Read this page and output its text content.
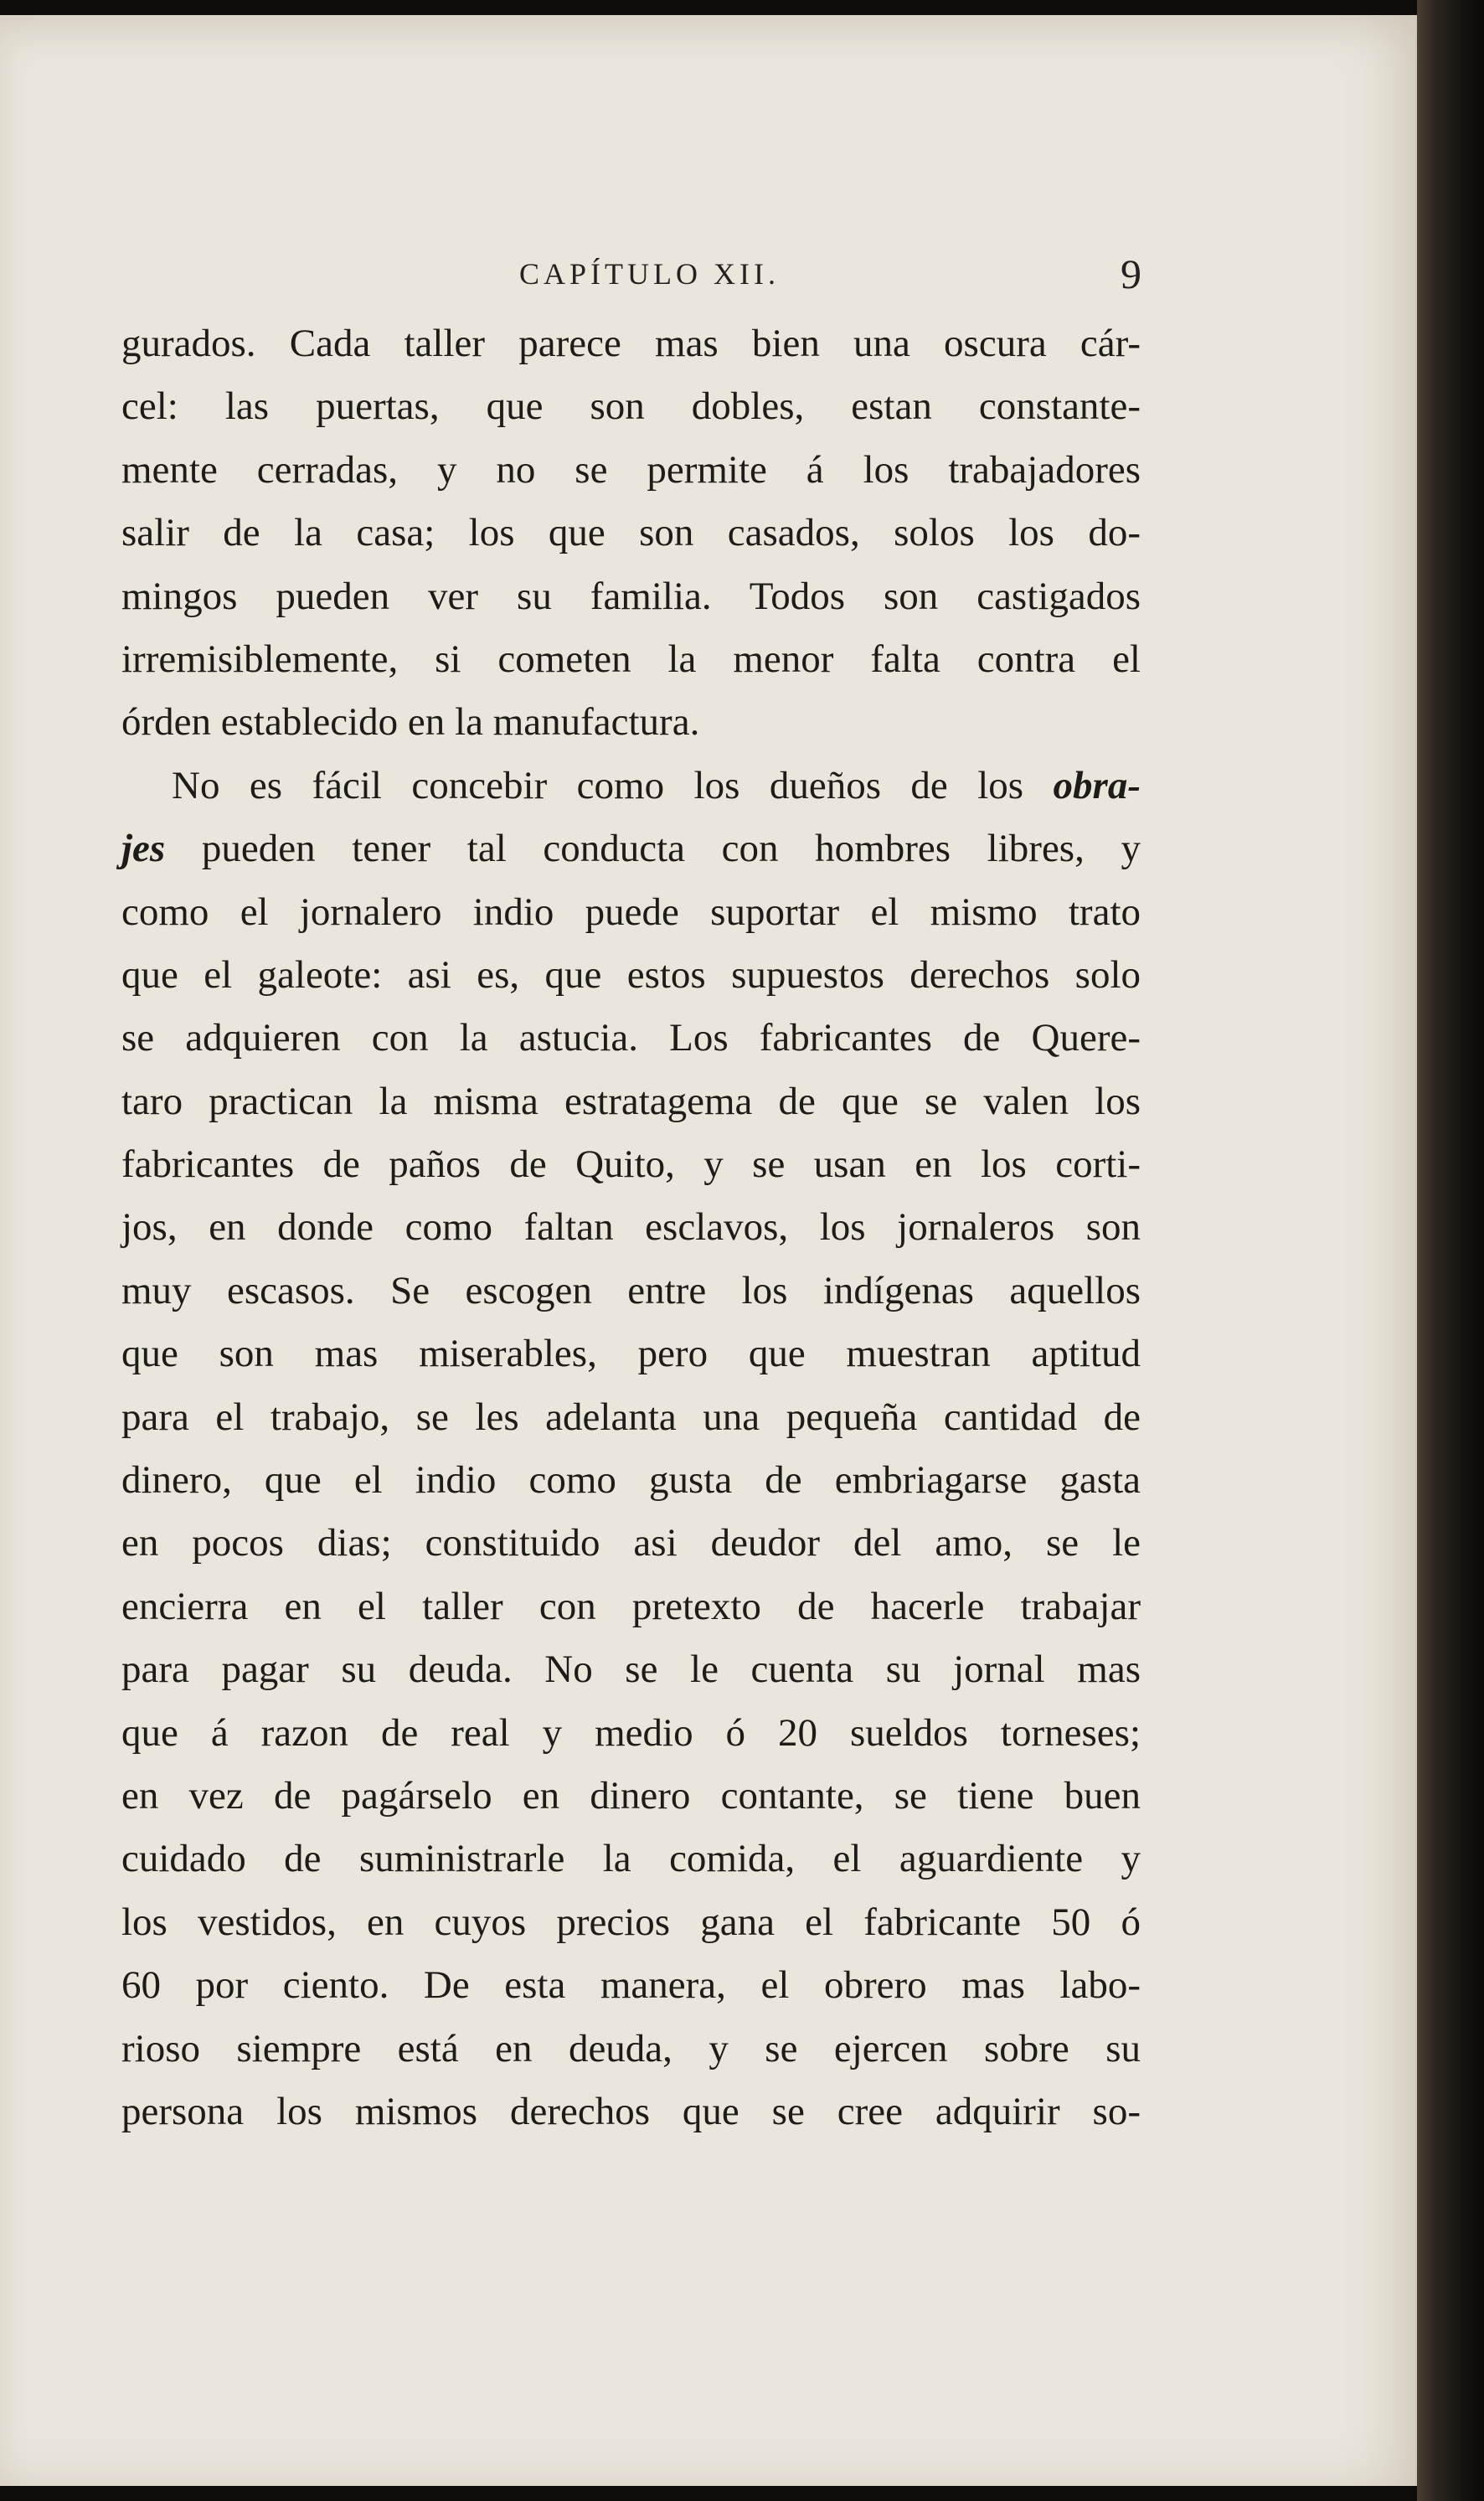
CAPÍTULO XII.	9
gurados. Cada taller parece mas bien una oscura cár-
cel: las puertas, que son dobles, estan constante-
mente cerradas, y no se permite á los trabajadores
salir de la casa; los que son casados, solos los do-
mingos pueden ver su familia. Todos son castigados
irremisiblemente, si cometen la menor falta contra el
órden establecido en la manufactura.
No es fácil concebir como los dueños de los obra-
jes pueden tener tal conducta con hombres libres, y
como el jornalero indio puede suportar el mismo trato
que el galeote: asi es, que estos supuestos derechos solo
se adquieren con la astucia. Los fabricantes de Quere-
taro practican la misma estratagema de que se valen los
fabricantes de paños de Quito, y se usan en los corti-
jos, en donde como faltan esclavos, los jornaleros son
muy escasos. Se escogen entre los indígenas aquellos
que son mas miserables, pero que muestran aptitud
para el trabajo, se les adelanta una pequeña cantidad de
dinero, que el indio como gusta de embriagarse gasta
en pocos dias; constituido asi deudor del amo, se le
encierra en el taller con pretexto de hacerle trabajar
para pagar su deuda. No se le cuenta su jornal mas
que á razon de real y medio ó 20 sueldos torneses;
en vez de pagárselo en dinero contante, se tiene buen
cuidado de suministrarle la comida, el aguardiente y
los vestidos, en cuyos precios gana el fabricante 50 ó
60 por ciento. De esta manera, el obrero mas labo-
rioso siempre está en deuda, y se ejercen sobre su
persona los mismos derechos que se cree adquirir so-
